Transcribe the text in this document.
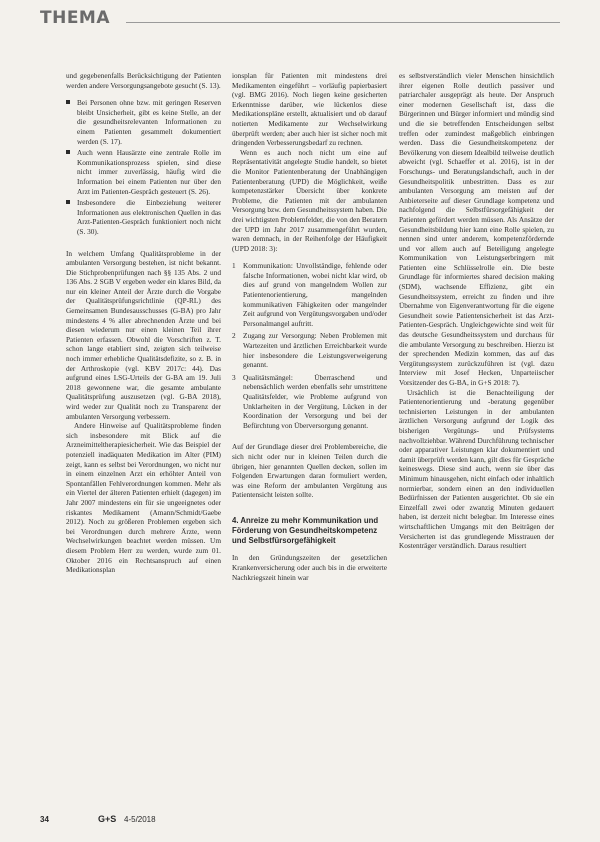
THEMA

und gegebenenfalls Berücksichtigung der Patienten werden andere Versorgungsangebote gesucht (S. 13).

Bei Personen ohne bzw. mit geringen Reserven bleibt Unsicherheit, gibt es keine Stelle, an der die gesundheitsrelevanten Informationen zu einem Patienten gesammelt dokumentiert werden (S. 17).
Auch wenn Hausärzte eine zentrale Rolle im Kommunikationsprozess spielen, sind diese nicht immer zuverlässig, häufig wird die Information bei einem Patienten nur über den Arzt im Patienten-Gespräch gesteuert (S. 26).
Insbesondere die Einbeziehung weiterer Informationen aus elektronischen Quellen in das Arzt-Patienten-Gespräch funktioniert noch nicht (S. 30).

In welchem Umfang Qualitätsprobleme in der ambulanten Versorgung bestehen, ist nicht bekannt. Die Stichprobenprüfungen nach §§ 135 Abs. 2 und 136 Abs. 2 SGB V ergeben weder ein klares Bild, da nur ein kleiner Anteil der Ärzte durch die Vorgabe der Qualitätsprüfungsrichtlinie (QP-RL) des Gemeinsamen Bundesausschusses (G-BA) pro Jahr mindestens 4 % aller abrechnenden Ärzte und bei diesen wiederum nur einen kleinen Teil ihrer Patienten erfassen. Obwohl die Vorschriften z. T. schon lange etabliert sind, zeigten sich teilweise noch immer erhebliche Qualitätsdefizite, so z. B. in der Arthroskopie (vgl. KBV 2017c: 44). Das aufgrund eines LSG-Urteils der G-BA am 19. Juli 2018 gewonnene war, die gesamte ambulante Qualitätsprüfung auszusetzen (vgl. G-BA 2018), wird weder zur Qualität noch zu Transparenz der ambulanten Versorgung verbessern.

Andere Hinweise auf Qualitätsprobleme finden sich insbesondere mit Blick auf die Arzneimitteltherapiesicherheit. Wie das Beispiel der potenziell inadäquaten Medikation im Alter (PIM) zeigt, kann es selbst bei Verordnungen, wo nicht nur in einem einzelnen Arzt ein erhöhter Anteil von Spontanfällen Fehlverordnungen kommen. Mehr als ein Viertel der älteren Patienten erhielt (dagegen) im Jahr 2007 mindestens ein für sie ungeeignetes oder riskantes Medikament (Amann/Schmidt/Gaebe 2012). Noch zu größeren Problemen ergeben sich bei Verordnungen durch mehrere Ärzte, wenn Wechselwirkungen beachtet werden müssen. Um diesem Problem Herr zu werden, wurde zum 01. Oktober 2016 ein Rechtsanspruch auf einen Medikationsplan

ionsplan für Patienten mit mindestens drei Medikamenten eingeführt – vorläufig papierbasiert (vgl. BMG 2016). Noch liegen keine gesicherten Erkenntnisse darüber, wie lückenlos diese Medikationspläne erstellt, aktualisiert und ob darauf notierten Medikamente zur Wechselwirkung überprüft werden; aber auch hier ist sicher noch mit dringenden Verbesserungsbedarf zu rechnen.

Wenn es auch noch nicht um eine auf Repräsentativität angelegte Studie handelt, so bietet die Monitor Patientenberatung der Unabhängigen Patientenberatung (UPD) die Möglichkeit, weiße kompetenzstärker Übersicht über konkrete Probleme, die Patienten mit der ambulanten Versorgung bzw. dem Gesundheitssystem haben. Die drei wichtigsten Problemfelder, die von den Beratern der UPD im Jahr 2017 zusammengeführt wurden, waren demnach, in der Reihenfolge der Häufigkeit (UPD 2018: 3):

1 Kommunikation: Unvollständige, fehlende oder falsche Informationen, wobei nicht klar wird, ob dies auf grund von mangelndem Wollen zur Patientenorientierung, mangelnden kommunikativen Fähigkeiten oder mangelnder Zeit aufgrund von Vergütungsvorgaben und/oder Personalmangel auftritt.
2 Zugang zur Versorgung: Neben Problemen mit Wartezeiten und ärztlichen Erreichbarkeit wurde hier insbesondere die Leistungsverweigerung genannt.
3 Qualitätsmängel: Überraschend und nebensächlich werden ebenfalls sehr umstrittene Qualitätsfelder, wie Probleme aufgrund von Unklarheiten in der Vergütung, Lücken in der Koordination der Versorgung und bei der Befürchtung von Überversorgung genannt.

Auf der Grundlage dieser drei Problembereiche, die sich nicht oder nur in kleinen Teilen durch die übrigen, hier genannten Quellen decken, sollen im Folgenden Erwartungen daran formuliert werden, was eine Reform der ambulanten Vergütung aus Patientensicht leisten sollte.

4. Anreize zu mehr Kommunikation und Förderung von Gesundheitskompetenz und Selbstfürsorgefähigkeit

In den Gründungszeiten der gesetzlichen Krankenversicherung oder auch bis in die erweiterte Nachkriegszeit hinein war

es selbstverständlich vieler Menschen hinsichtlich ihrer eigenen Rolle deutlich passiver und patriarchaler ausgeprägt als heute. Der Anspruch einer modernen Gesellschaft ist, dass die Bürgerinnen und Bürger informiert und mündig sind und die sie betreffenden Entscheidungen selbst treffen oder zumindest maßgeblich einbringen werden. Dass die Gesundheitskompetenz der Bevölkerung von diesem Idealbild teilweise deutlich abweicht (vgl. Schaeffer et al. 2016), ist in der Forschungs- und Beratungslandschaft, auch in der Gesundheitspolitik unbestritten. Dass es zur ambulanten Versorgung am meisten auf der Anbieterseite auf dieser Grundlage kompetenz und nachfolgend die Selbstfürsorgefähigkeit der Patienten gefördert werden müssen. Als Ansätze der Gesundheitsbildung hier kann eine Rolle spielen, zu nennen sind unter anderem, kompetenzfördernde und vor allem auch auf Beteiligung angelegte Kommunikation von Leistungserbringern mit Patienten eine Schlüsselrolle ein. Die beste Grundlage für informiertes shared decision making (SDM), wachsende Effizienz, gibt ein Gesundheitssystem, erreicht zu finden und ihre Übernahme von Eigenverantwortung für die eigene Gesundheit sowie Patientensicherheit ist das Arzt-Patienten-Gespräch. Ungleichgewichte sind weit für das deutsche Gesundheitssystem und durchaus für die ambulante Versorgung zu beschreiben. Hierzu ist der sprechenden Medizin kommen, das auf das Vergütungssystem zurückzuführen ist (vgl. dazu Interview mit Josef Hecken, Unparteiischer Vorsitzender des G-BA, in G+S 2018: 7).

Ursächlich ist die Benachteiligung der Patientenorientierung und -beratung gegenüber technisierten Leistungen in der ambulanten ärztlichen Versorgung aufgrund der Logik des bisherigen Vergütungs- und Prüfsystems nachvollziehbar. Während Durchführung technischer oder apparativer Leistungen klar dokumentiert und damit überprüft werden kann, gilt dies für Gespräche keineswegs. Diese sind auch, wenn sie über das Minimum hinausgehen, nicht einfach oder inhaltlich normierbar, sondern einen an den individuellen Bedürfnissen der Patienten ausgerichtet. Ob sie ein Einzelfall zwei oder zwanzig Minuten gedauert haben, ist derzeit nicht belegbar. Im Interesse eines wirtschaftlichen Umgangs mit den Beiträgen der Versicherten ist das grundlegende Misstrauen der Kostenträger verständlich. Daraus resultiert

34	G+S 4-5/2018
